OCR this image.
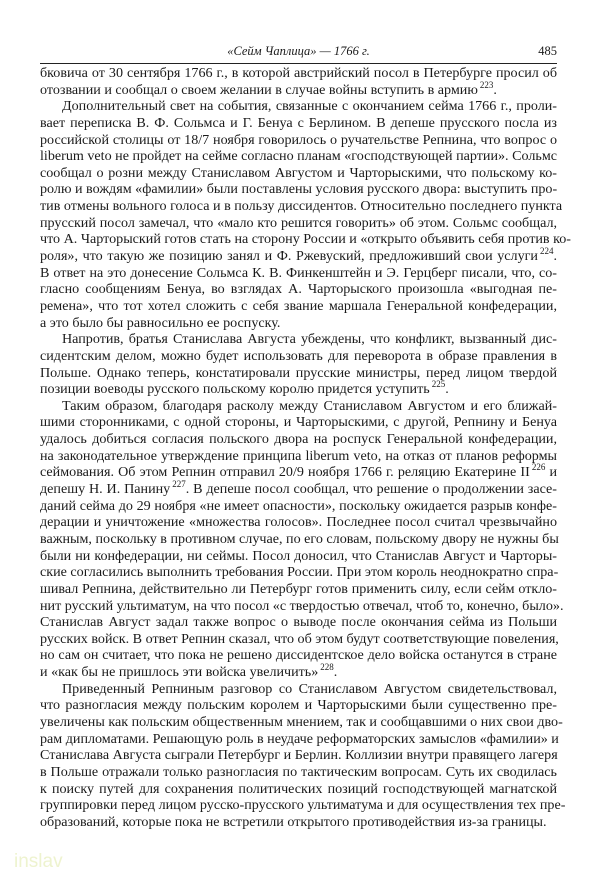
«Сейм Чаплица» — 1766 г.	485
бковича от 30 сентября 1766 г., в которой австрийский посол в Петербурге просил об
отозвании и сообщал о своем желании в случае войны вступить в армию $^{223}$.
Дополнительный свет на события, связанные с окончанием сейма 1766 г., проли-
вает переписка В. Ф. Сольмса и Г. Бенуа с Берлином. В депеше прусского посла из
российской столицы от 18/7 ноября говорилось о ручательстве Репнина, что вопрос о
liberum veto не пройдет на сейме согласно планам «господствующей партии». Сольмс
сообщал о розни между Станиславом Августом и Чарторыскими, что польскому ко-
ролю и вождям «фамилии» были поставлены условия русского двора: выступить про-
тив отмены вольного голоса и в пользу диссидентов. Относительно последнего пункта
прусский посол замечал, что «мало кто решится говорить» об этом. Сольмс сообщал,
что А. Чарторыский готов стать на сторону России и «открыто объявить себя против ко-
роля», что такую же позицию занял и Ф. Ржевуский, предложивший свои услуги $^{224}$.
В ответ на это донесение Сольмса К. В. Финкенштейн и Э. Герцберг писали, что, со-
гласно сообщениям Бенуа, во взглядах А. Чарторыского произошла «выгодная пе-
ремена», что тот хотел сложить с себя звание маршала Генеральной конфедерации,
а это было бы равносильно ее роспуску.
Напротив, братья Станислава Августа убеждены, что конфликт, вызванный дис-
сидентским делом, можно будет использовать для переворота в образе правления в
Польше. Однако теперь, констатировали прусские министры, перед лицом твердой
позиции воеводы русского польскому королю придется уступить $^{225}$.
Таким образом, благодаря расколу между Станиславом Августом и его ближай-
шими сторонниками, с одной стороны, и Чарторыскими, с другой, Репнину и Бенуа
удалось добиться согласия польского двора на роспуск Генеральной конфедерации,
на законодательное утверждение принципа liberum veto, на отказ от планов реформы
сеймования. Об этом Репнин отправил 20/9 ноября 1766 г. реляцию Екатерине II $^{226}$ и
депешу Н. И. Панину $^{227}$. В депеше посол сообщал, что решение о продолжении засе-
даний сейма до 29 ноября «не имеет опасности», поскольку ожидается разрыв конфе-
дерации и уничтожение «множества голосов». Последнее посол считал чрезвычайно
важным, поскольку в противном случае, по его словам, польскому двору не нужны бы
были ни конфедерации, ни сеймы. Посол доносил, что Станислав Август и Чарторы-
ские согласились выполнить требования России. При этом король неоднократно спра-
шивал Репнина, действительно ли Петербург готов применить силу, если сейм откло-
нит русский ультиматум, на что посол «с твердостью отвечал, чтоб то, конечно, было».
Станислав Август задал также вопрос о выводе после окончания сейма из Польши
русских войск. В ответ Репнин сказал, что об этом будут соответствующие повеления,
но сам он считает, что пока не решено диссидентское дело войска останутся в стране
и «как бы не пришлось эти войска увеличить» $^{228}$.
Приведенный Репниным разговор со Станиславом Августом свидетельствовал,
что разногласия между польским королем и Чарторыскими были существенно пре-
увеличены как польским общественным мнением, так и сообщавшими о них свои дво-
рам дипломатами. Решающую роль в неудаче реформаторских замыслов «фамилии» и
Станислава Августа сыграли Петербург и Берлин. Коллизии внутри правящего лагеря
в Польше отражали только разногласия по тактическим вопросам. Суть их сводилась
к поиску путей для сохранения политических позиций господствующей магнатской
группировки перед лицом русско-прусского ультиматума и для осуществления тех пре-
образований, которые пока не встретили открытого противодействия из-за границы.
inslav
